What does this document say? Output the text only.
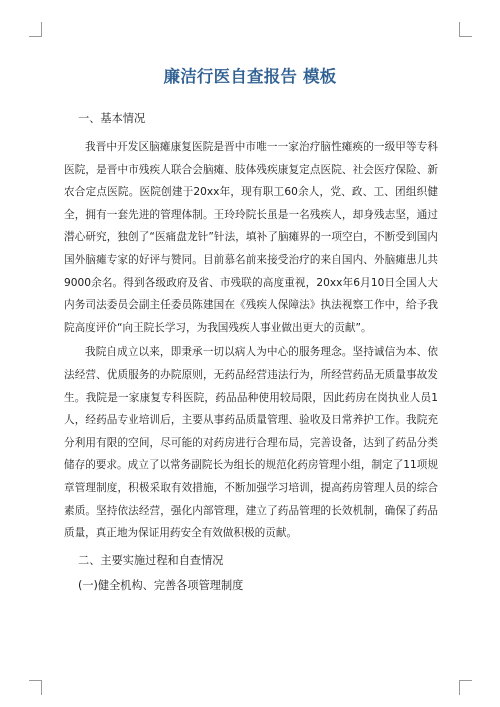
廉洁行医自查报告 模板
一、基本情况

我晋中开发区脑瘫康复医院是晋中市唯一一家治疗脑性瘫痪的一级甲等专科医院，是晋中市残疾人联合会脑瘫、肢体残疾康复定点医院、社会医疗保险、新农合定点医院。医院创建于20xx年，现有职工60余人，党、政、工、团组织健全，拥有一套先进的管理体制。王玲玲院长虽是一名残疾人，却身残志坚，通过潜心研究，独创了“医痛盘龙针”针法，填补了脑瘫界的一项空白，不断受到国内国外脑瘫专家的好评与赞同。目前慕名前来接受治疗的来自国内、外脑瘫患儿共9000余名。得到各级政府及省、市残联的高度重视，20xx年6月10日全国人大内务司法委员会副主任委员陈建国在《残疾人保障法》执法视察工作中，给予我院高度评价“向王院长学习，为我国残疾人事业做出更大的贡献”。

我院自成立以来，即秉承一切以病人为中心的服务理念。坚持诚信为本、依法经营、优质服务的办院原则，无药品经营违法行为，所经营药品无质量事故发生。我院是一家康复专科医院，药品品种使用较局限，因此药房在岗执业人员1人，经药品专业培训后，主要从事药品质量管理、验收及日常养护工作。我院充分利用有限的空间，尽可能的对药房进行合理布局，完善设备，达到了药品分类储存的要求。成立了以常务副院长为组长的规范化药房管理小组，制定了11项规章管理制度，积极采取有效措施，不断加强学习培训，提高药房管理人员的综合素质。坚持依法经营，强化内部管理，建立了药品管理的长效机制，确保了药品质量，真正地为保证用药安全有效做积极的贡献。

二、主要实施过程和自查情况
(一)健全机构、完善各项管理制度
